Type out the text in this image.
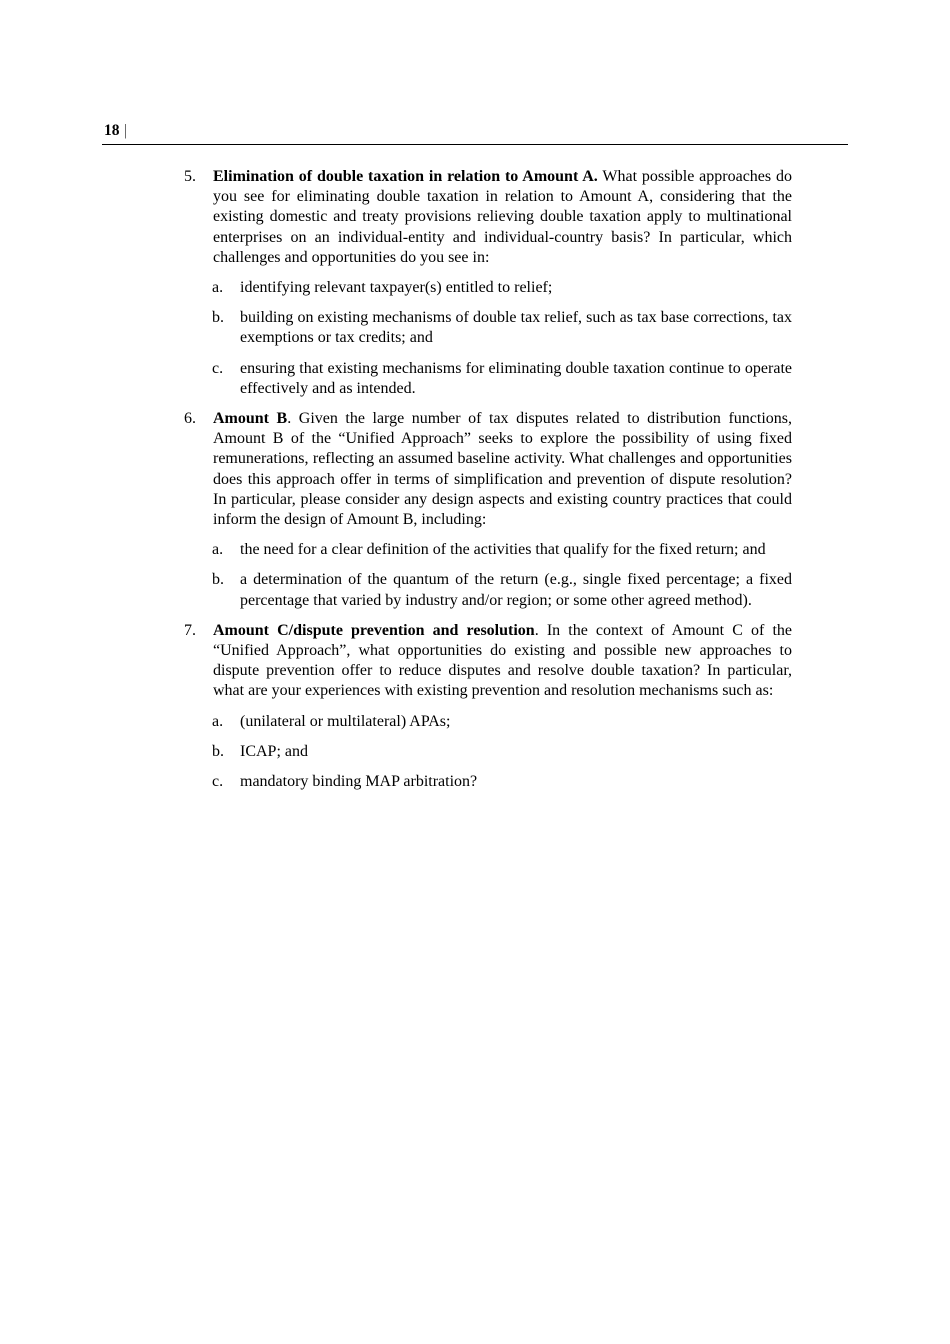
18 |
5. Elimination of double taxation in relation to Amount A. What possible approaches do you see for eliminating double taxation in relation to Amount A, considering that the existing domestic and treaty provisions relieving double taxation apply to multinational enterprises on an individual-entity and individual-country basis? In particular, which challenges and opportunities do you see in:
a. identifying relevant taxpayer(s) entitled to relief;
b. building on existing mechanisms of double tax relief, such as tax base corrections, tax exemptions or tax credits; and
c. ensuring that existing mechanisms for eliminating double taxation continue to operate effectively and as intended.
6. Amount B. Given the large number of tax disputes related to distribution functions, Amount B of the “Unified Approach” seeks to explore the possibility of using fixed remunerations, reflecting an assumed baseline activity. What challenges and opportunities does this approach offer in terms of simplification and prevention of dispute resolution? In particular, please consider any design aspects and existing country practices that could inform the design of Amount B, including:
a. the need for a clear definition of the activities that qualify for the fixed return; and
b. a determination of the quantum of the return (e.g., single fixed percentage; a fixed percentage that varied by industry and/or region; or some other agreed method).
7. Amount C/dispute prevention and resolution. In the context of Amount C of the “Unified Approach”, what opportunities do existing and possible new approaches to dispute prevention offer to reduce disputes and resolve double taxation? In particular, what are your experiences with existing prevention and resolution mechanisms such as:
a. (unilateral or multilateral) APAs;
b. ICAP; and
c. mandatory binding MAP arbitration?
